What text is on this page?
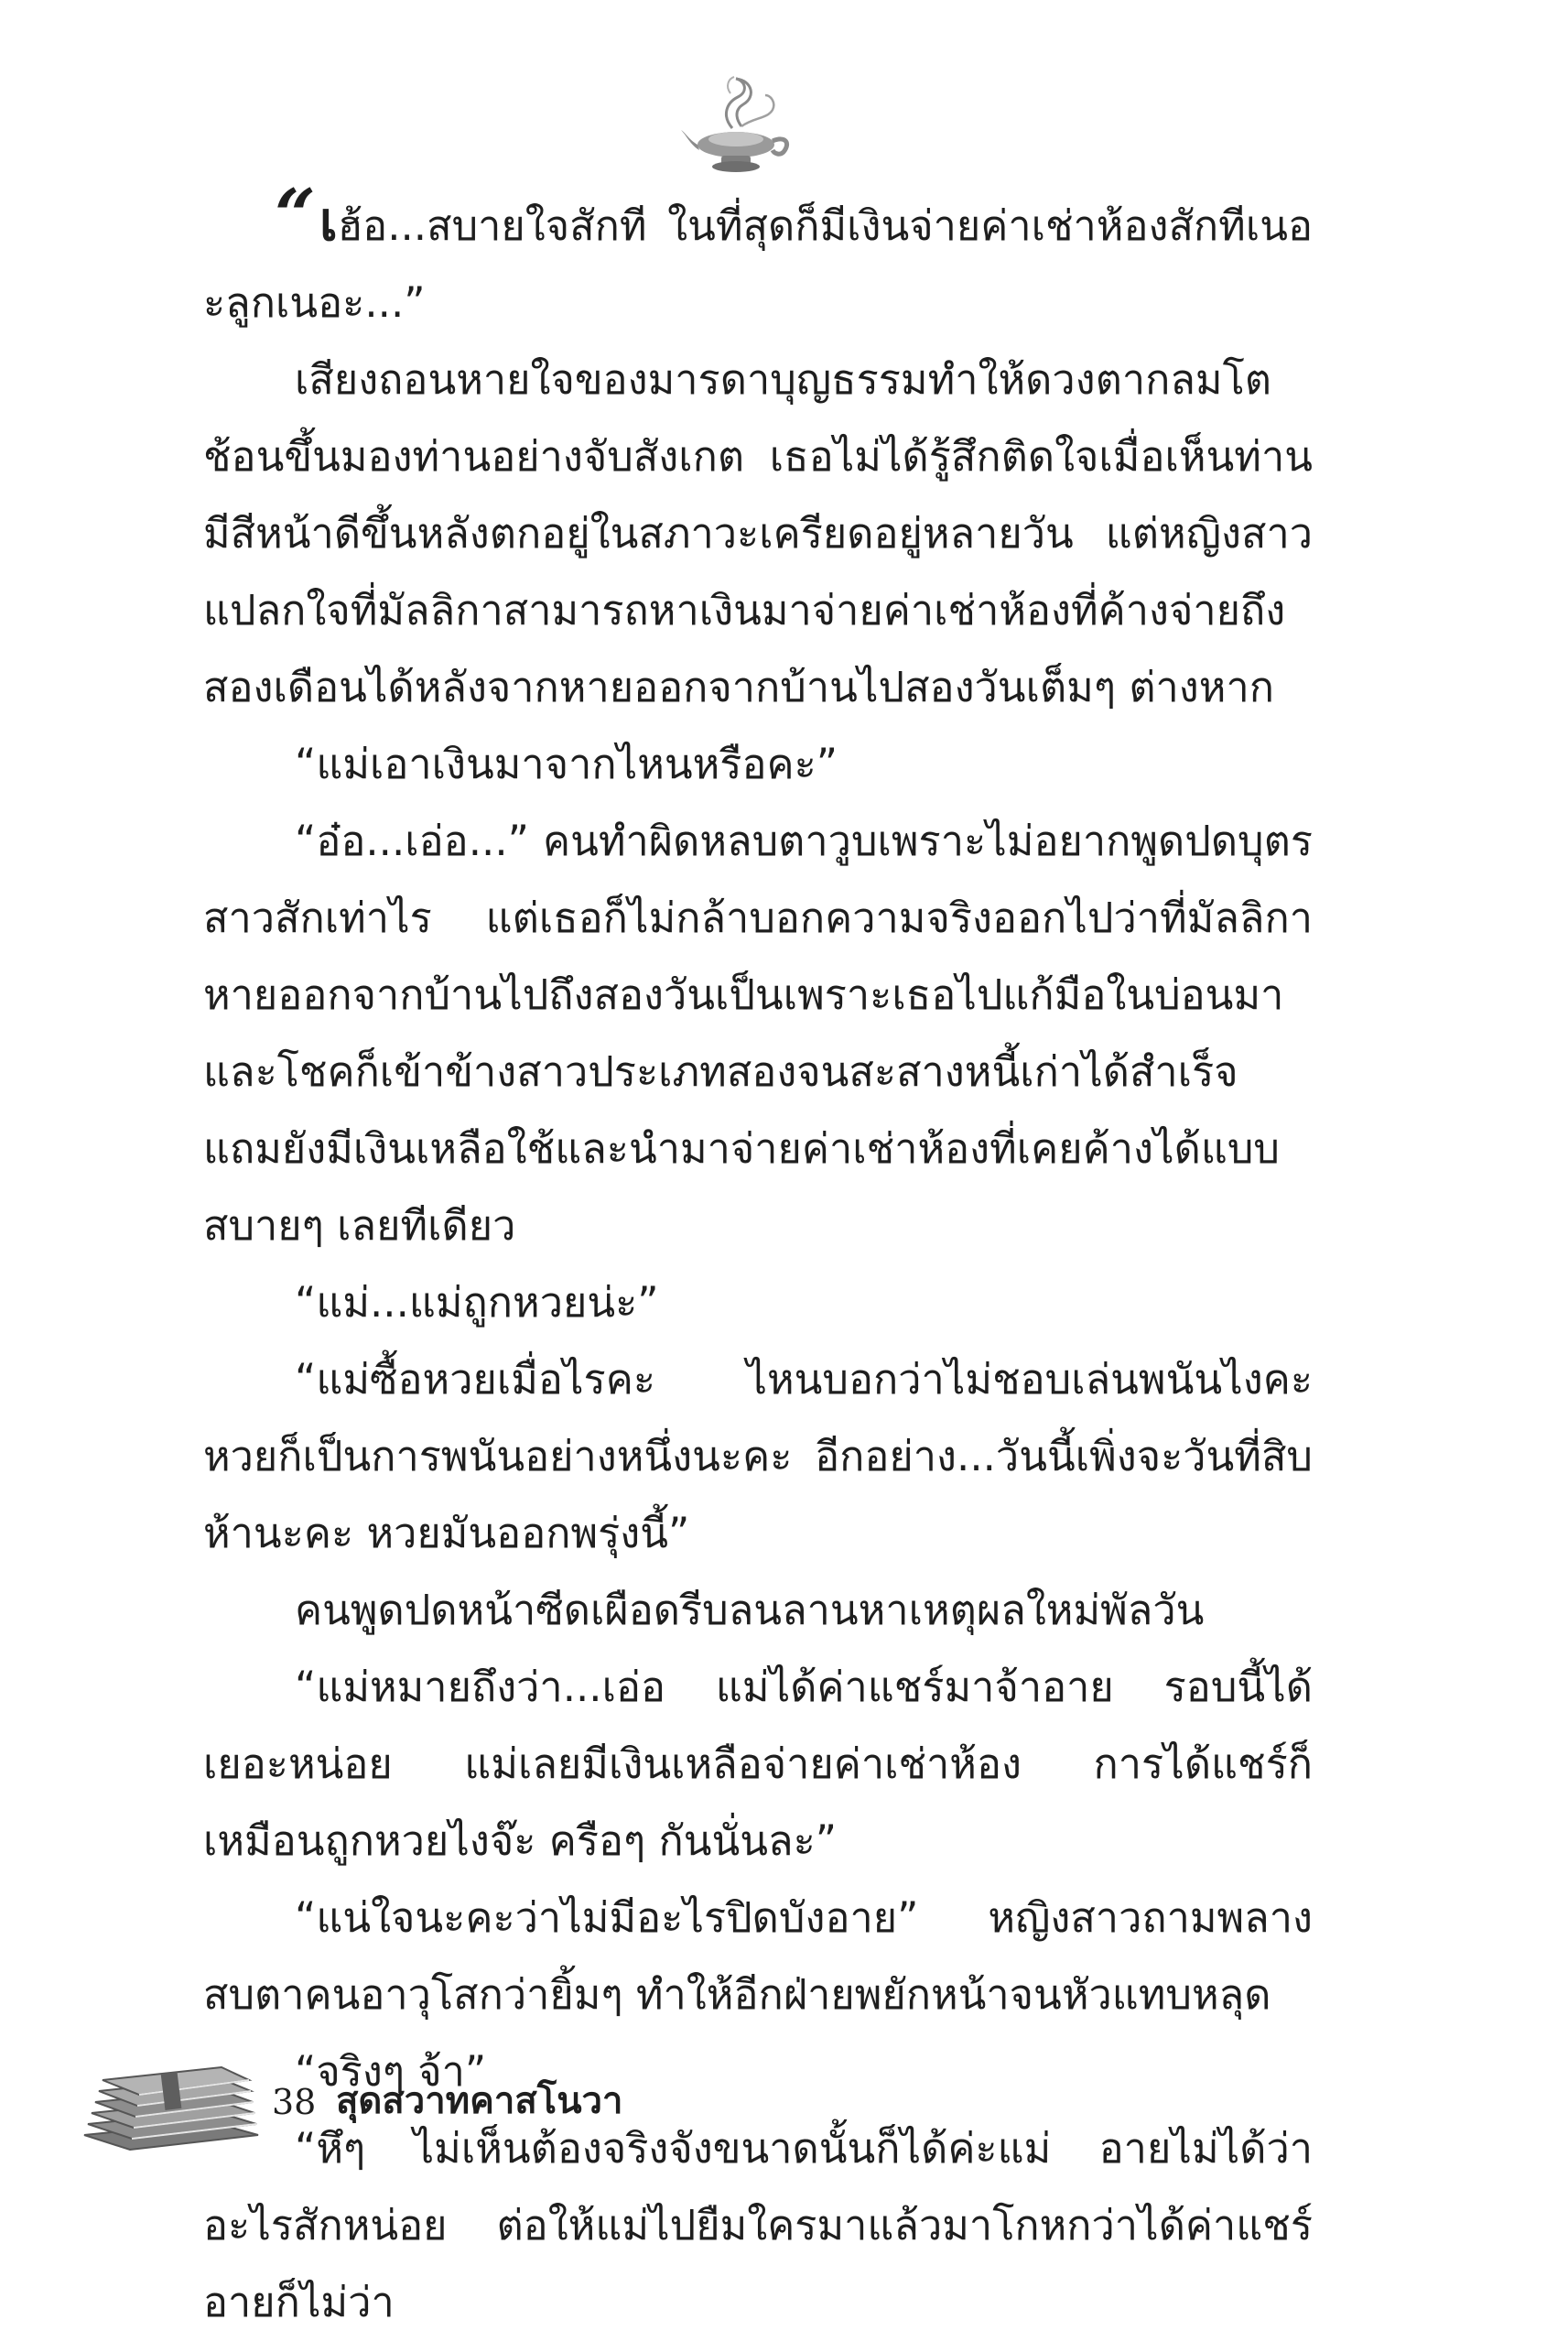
“เฮ้อ...สบายใจสักที ในที่สุดก็มีเงินจ่ายค่าเช่าห้องสักทีเนอะลูกเนอะ...”

เสียงถอนหายใจของมารดาบุญธรรมทำให้ดวงตากลมโตช้อนขึ้นมองท่านอย่างจับสังเกต เธอไม่ได้รู้สึกติดใจเมื่อเห็นท่านมีสีหน้าดีขึ้นหลังตกอยู่ในสภาวะเครียดอยู่หลายวัน แต่หญิงสาวแปลกใจที่มัลลิกาสามารถหาเงินมาจ่ายค่าเช่าห้องที่ค้างจ่ายถึงสองเดือนได้หลังจากหายออกจากบ้านไปสองวันเต็มๆ ต่างหาก

“แม่เอาเงินมาจากไหนหรือคะ”

“อ๋อ...เอ่อ...” คนทำผิดหลบตาวูบเพราะไม่อยากพูดปดบุตรสาวสักเท่าไร แต่เธอก็ไม่กล้าบอกความจริงออกไปว่าที่มัลลิกาหายออกจากบ้านไปถึงสองวันเป็นเพราะเธอไปแก้มือในบ่อนมา และโชคก็เข้าข้างสาวประเภทสองจนสะสางหนี้เก่าได้สำเร็จ แถมยังมีเงินเหลือใช้และนำมาจ่ายค่าเช่าห้องที่เคยค้างได้แบบสบายๆ เลยทีเดียว

“แม่...แม่ถูกหวยน่ะ”

“แม่ซื้อหวยเมื่อไรคะ ไหนบอกว่าไม่ชอบเล่นพนันไงคะ หวยก็เป็นการพนันอย่างหนึ่งนะคะ อีกอย่าง...วันนี้เพิ่งจะวันที่สิบห้านะคะ หวยมันออกพรุ่งนี้”

คนพูดปดหน้าซีดเผือดรีบลนลานหาเหตุผลใหม่พัลวัน

“แม่หมายถึงว่า...เอ่อ แม่ได้ค่าแชร์มาจ้าอาย รอบนี้ได้เยอะหน่อย แม่เลยมีเงินเหลือจ่ายค่าเช่าห้อง การได้แชร์ก็เหมือนถูกหวยไงจ๊ะ ครือๆ กันนั่นละ”

“แน่ใจนะคะว่าไม่มีอะไรปิดบังอาย” หญิงสาวถามพลางสบตาคนอาวุโสกว่ายิ้มๆ ทำให้อีกฝ่ายพยักหน้าจนหัวแทบหลุด

“จริงๆ จ้า”

“หึๆ ไม่เห็นต้องจริงจังขนาดนั้นก็ได้ค่ะแม่ อายไม่ได้ว่าอะไรสักหน่อย ต่อให้แม่ไปยืมใครมาแล้วมาโกหกว่าได้ค่าแชร์อายก็ไม่ว่า

38 สุดสวาทคาสโนวา
